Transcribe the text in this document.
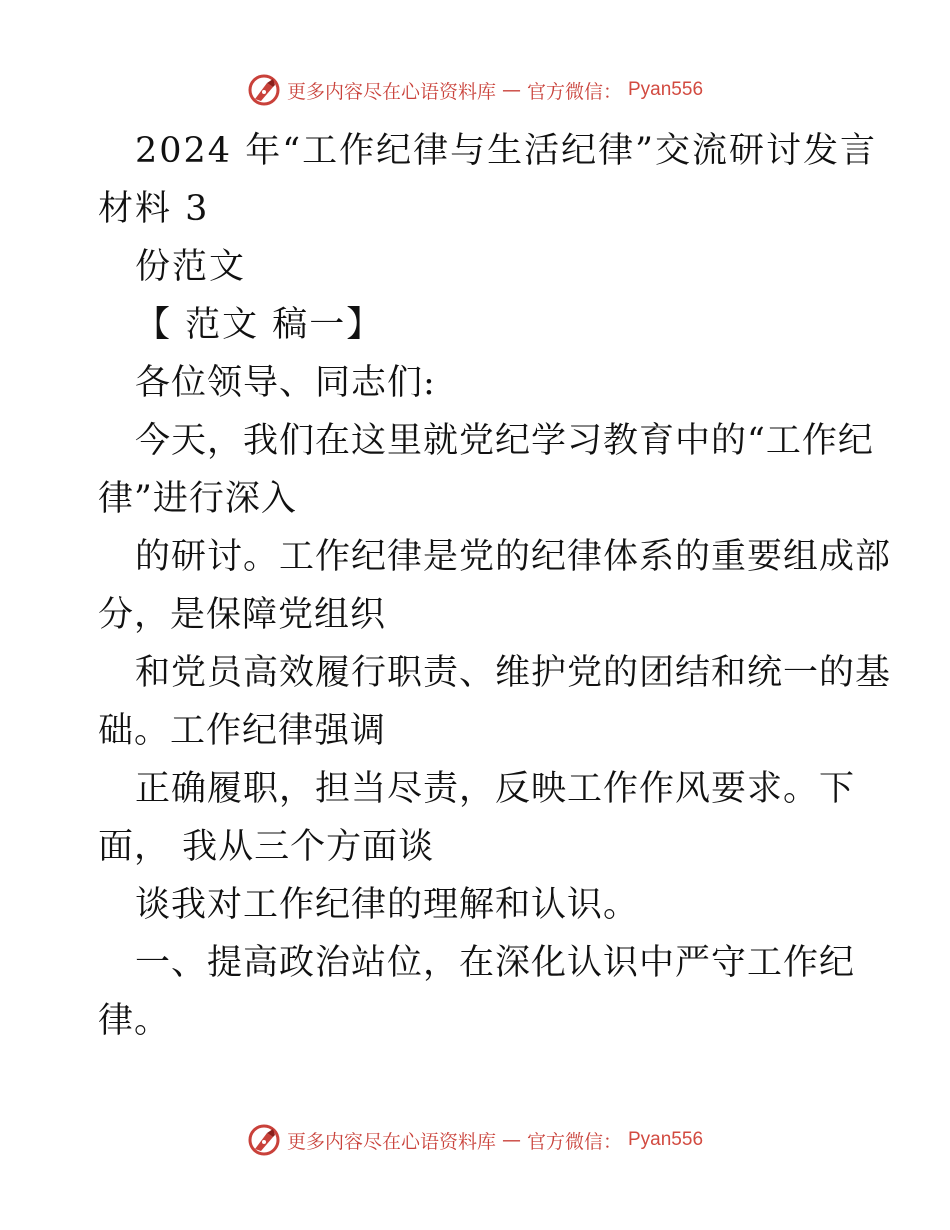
更多内容尽在心语资料库 — 官方微信： Pyan556
2024 年“工作纪律与生活纪律”交流研讨发言
材料 3
份范文
【 范文 稿一】
各位领导、同志们:
今天，我们在这里就党纪学习教育中的“工作纪
律”进行深入
的研讨。工作纪律是党的纪律体系的重要组成部
分，是保障党组织
和党员高效履行职责、维护党的团结和统一的基
础。工作纪律强调
正确履职，担当尽责，反映工作作风要求。下
面， 我从三个方面谈
谈我对工作纪律的理解和认识。
一、提高政治站位，在深化认识中严守工作纪
律。
更多内容尽在心语资料库 — 官方微信： Pyan556
